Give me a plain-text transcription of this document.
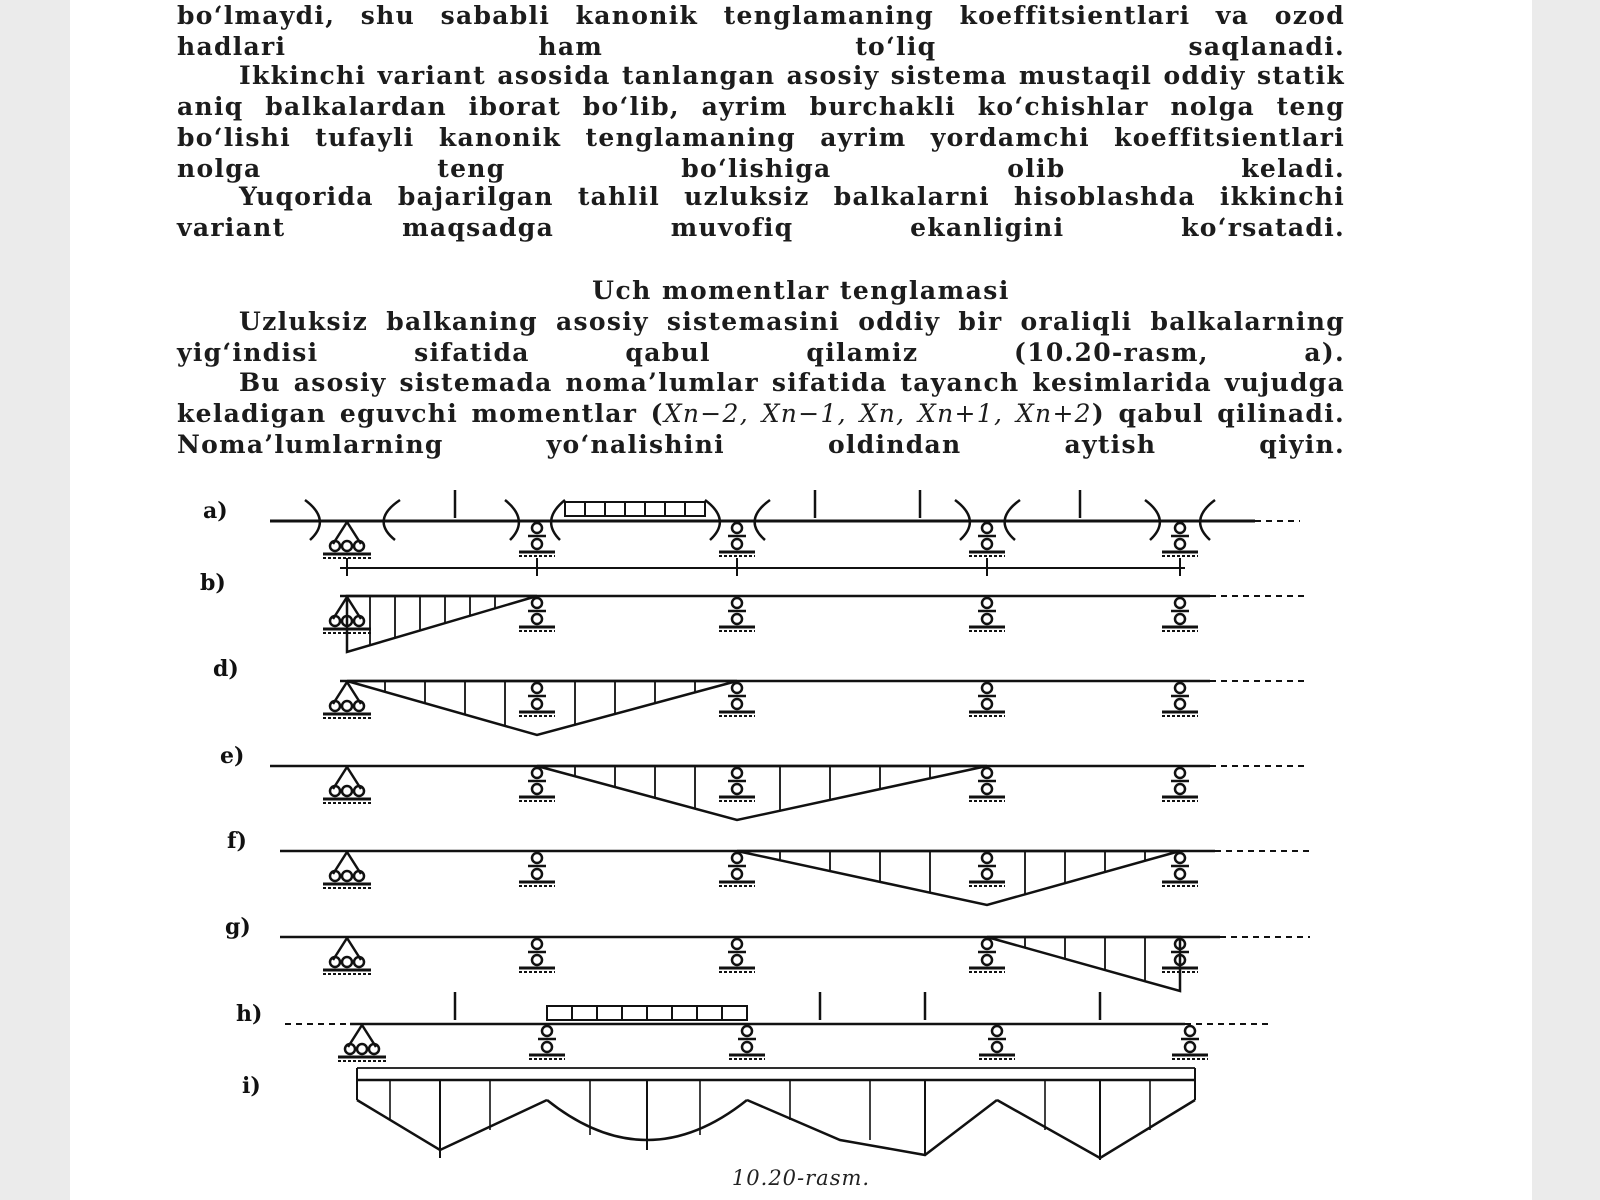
bo‘lmaydi, shu sababli kanonik tenglamaning koeffitsientlari va ozod hadlari ham to‘liq saqlanadi.

Ikkinchi variant asosida tanlangan asosiy sistema mustaqil oddiy statik aniq balkalardan iborat bo‘lib, ayrim burchakli ko‘chishlar nolga teng bo‘lishi tufayli kanonik tenglamaning ayrim yordamchi koeffitsientlari nolga teng bo‘lishiga olib keladi.

Yuqorida bajarilgan tahlil uzluksiz balkalarni hisoblashda ikkinchi variant maqsadga muvofiq ekanligini ko‘rsatadi.

Uch momentlar tenglamasi

Uzluksiz balkaning asosiy sistemasini oddiy bir oraliqli balkalarning yig‘indisi sifatida qabul qilamiz (10.20-rasm, a).

Bu asosiy sistemada noma’lumlar sifatida tayanch kesimlarida vujudga keladigan eguvchi momentlar (Xn−2, Xn−1, Xn, Xn+1, Xn+2) qabul qilinadi. Noma’lumlarning yo‘nalishini oldindan aytish qiyin.

a)
b)
d)
e)
f)
g)
h)
i)

10.20-rasm.
